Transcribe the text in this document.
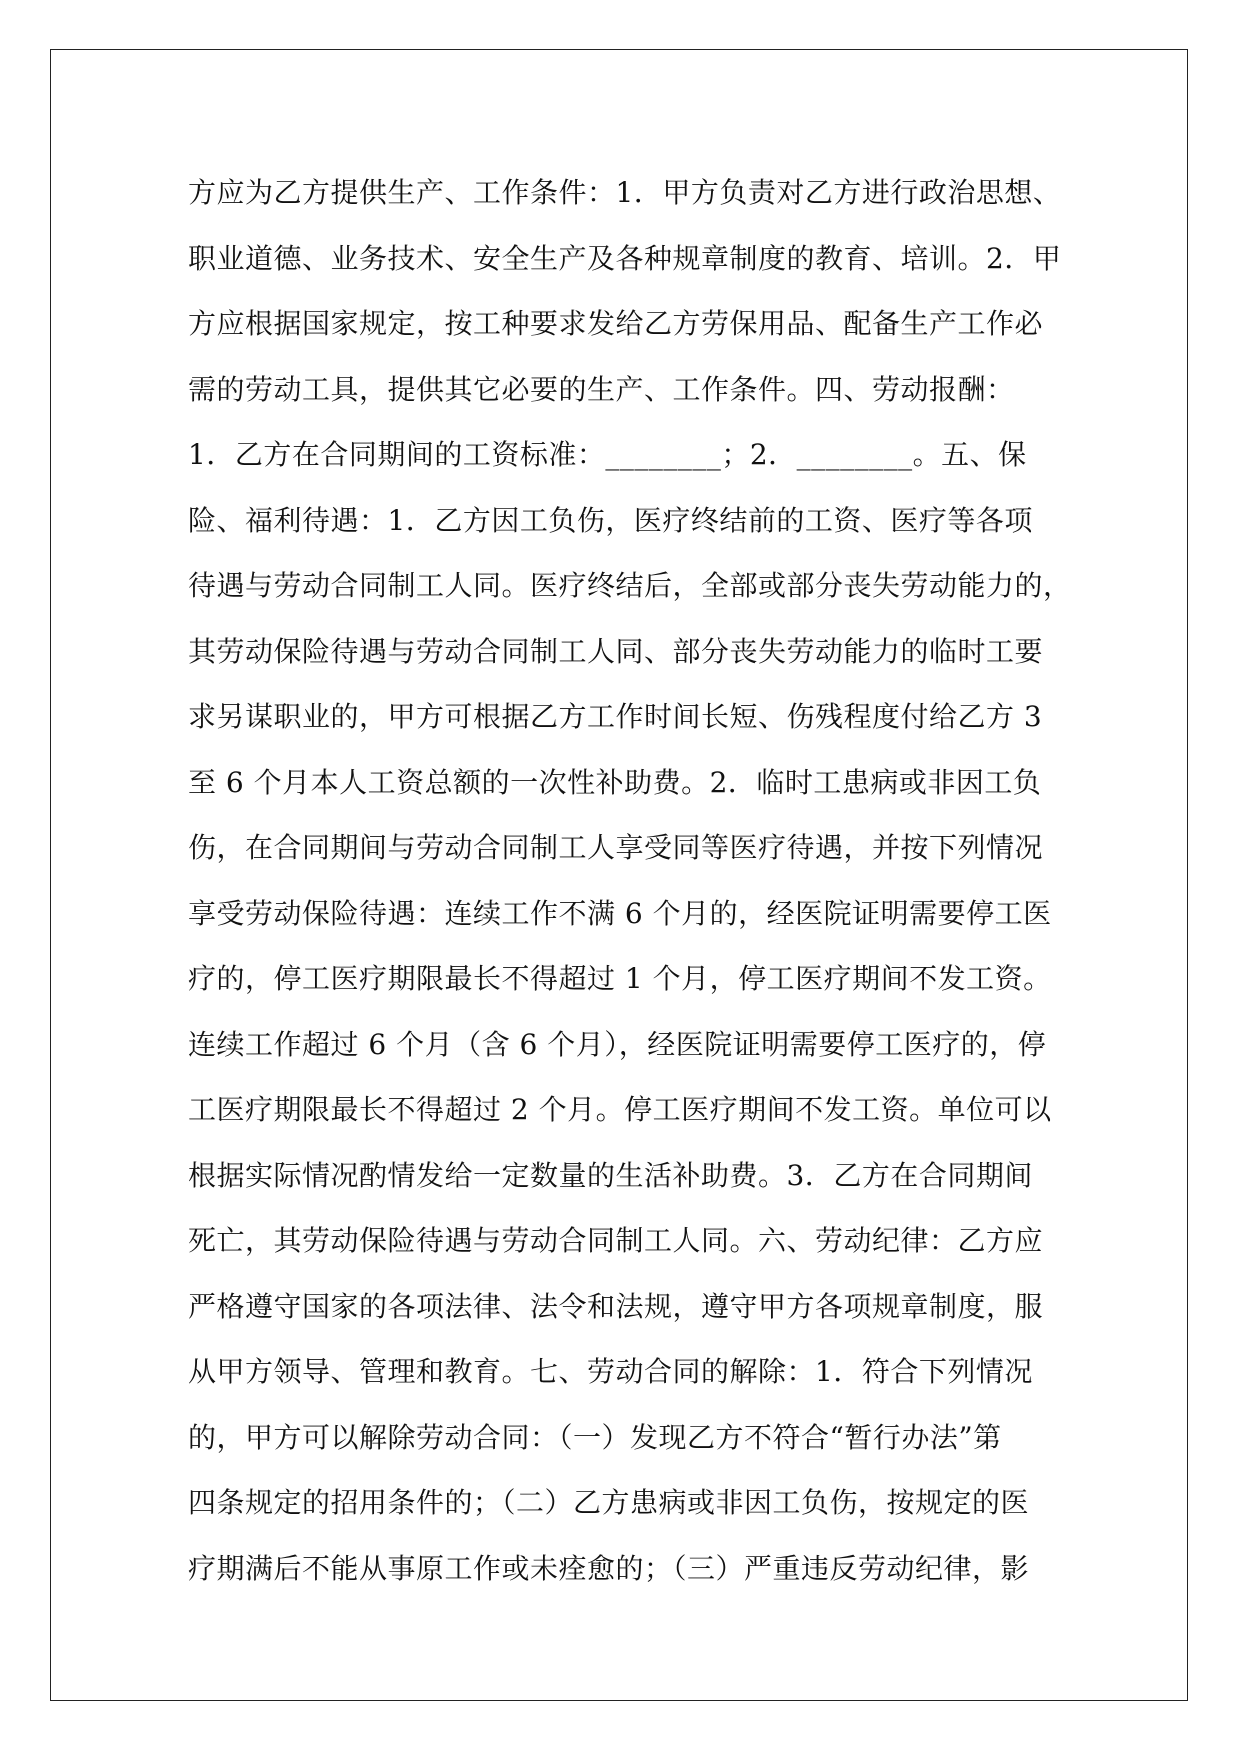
方应为乙方提供生产、工作条件：1．甲方负责对乙方进行政治思想、
职业道德、业务技术、安全生产及各种规章制度的教育、培训。2．甲
方应根据国家规定，按工种要求发给乙方劳保用品、配备生产工作必
需的劳动工具，提供其它必要的生产、工作条件。四、劳动报酬：
1．乙方在合同期间的工资标准：________；2．________。五、保
险、福利待遇：1．乙方因工负伤，医疗终结前的工资、医疗等各项
待遇与劳动合同制工人同。医疗终结后，全部或部分丧失劳动能力的，
其劳动保险待遇与劳动合同制工人同、部分丧失劳动能力的临时工要
求另谋职业的，甲方可根据乙方工作时间长短、伤残程度付给乙方 3
至 6 个月本人工资总额的一次性补助费。2．临时工患病或非因工负
伤，在合同期间与劳动合同制工人享受同等医疗待遇，并按下列情况
享受劳动保险待遇：连续工作不满 6 个月的，经医院证明需要停工医
疗的，停工医疗期限最长不得超过 1 个月，停工医疗期间不发工资。
连续工作超过 6 个月（含 6 个月），经医院证明需要停工医疗的，停
工医疗期限最长不得超过 2 个月。停工医疗期间不发工资。单位可以
根据实际情况酌情发给一定数量的生活补助费。3．乙方在合同期间
死亡，其劳动保险待遇与劳动合同制工人同。六、劳动纪律：乙方应
严格遵守国家的各项法律、法令和法规，遵守甲方各项规章制度，服
从甲方领导、管理和教育。七、劳动合同的解除：1．符合下列情况
的，甲方可以解除劳动合同：（一）发现乙方不符合“暂行办法”第
四条规定的招用条件的；（二）乙方患病或非因工负伤，按规定的医
疗期满后不能从事原工作或未痊愈的；（三）严重违反劳动纪律，影
